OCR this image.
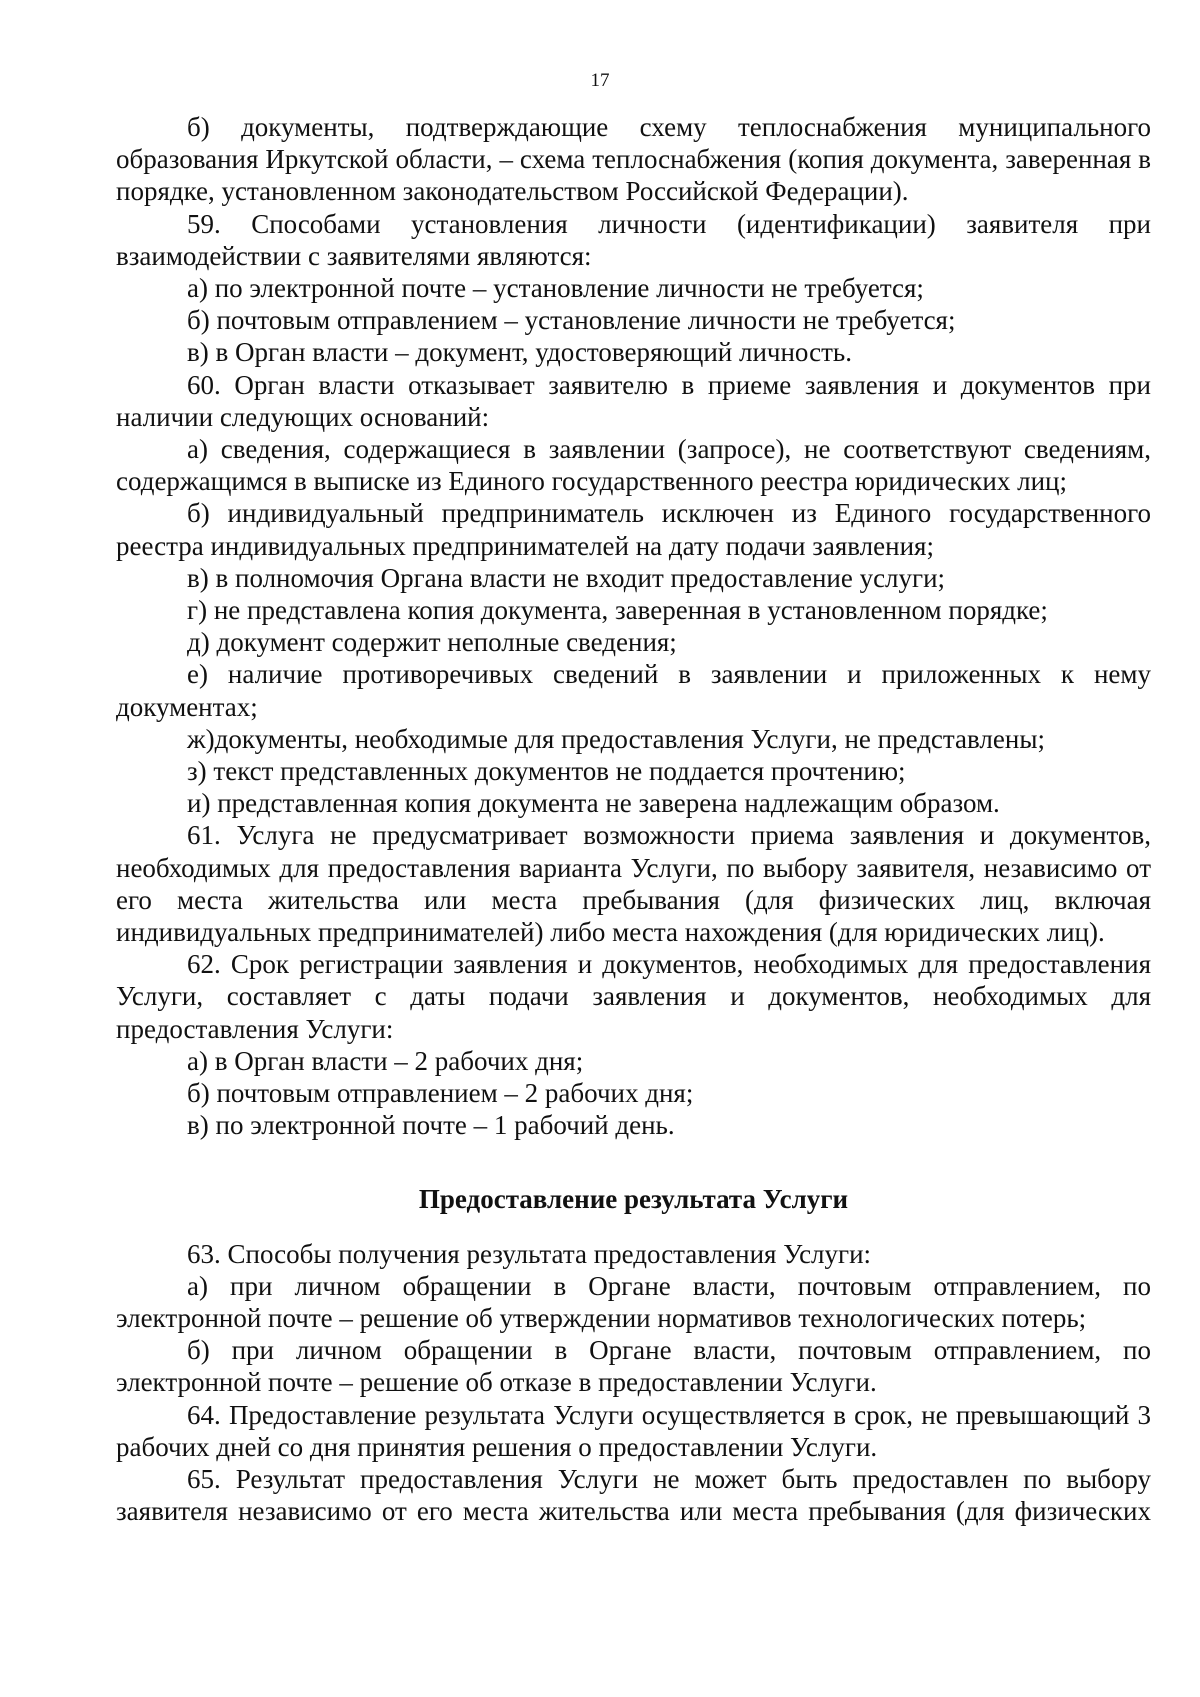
17

б) документы, подтверждающие схему теплоснабжения муниципального образования Иркутской области, – схема теплоснабжения (копия документа, заверенная в порядке, установленном законодательством Российской Федерации).

59. Способами установления личности (идентификации) заявителя при взаимодействии с заявителями являются:

а) по электронной почте – установление личности не требуется;

б) почтовым отправлением – установление личности не требуется;

в) в Орган власти – документ, удостоверяющий личность.

60. Орган власти отказывает заявителю в приеме заявления и документов при наличии следующих оснований:

а) сведения, содержащиеся в заявлении (запросе), не соответствуют сведениям, содержащимся в выписке из Единого государственного реестра юридических лиц;

б) индивидуальный предприниматель исключен из Единого государственного реестра индивидуальных предпринимателей на дату подачи заявления;

в) в полномочия Органа власти не входит предоставление услуги;

г) не представлена копия документа, заверенная в установленном порядке;

д) документ содержит неполные сведения;

е) наличие противоречивых сведений в заявлении и приложенных к нему документах;

ж)документы, необходимые для предоставления Услуги, не представлены;

з) текст представленных документов не поддается прочтению;

и) представленная копия документа не заверена надлежащим образом.

61. Услуга не предусматривает возможности приема заявления и документов, необходимых для предоставления варианта Услуги, по выбору заявителя, независимо от его места жительства или места пребывания (для физических лиц, включая индивидуальных предпринимателей) либо места нахождения (для юридических лиц).

62. Срок регистрации заявления и документов, необходимых для предоставления Услуги, составляет с даты подачи заявления и документов, необходимых для предоставления Услуги:

а) в Орган власти – 2 рабочих дня;

б) почтовым отправлением – 2 рабочих дня;

в) по электронной почте – 1 рабочий день.

Предоставление результата Услуги

63. Способы получения результата предоставления Услуги:

а) при личном обращении в Органе власти, почтовым отправлением, по электронной почте – решение об утверждении нормативов технологических потерь;

б) при личном обращении в Органе власти, почтовым отправлением, по электронной почте – решение об отказе в предоставлении Услуги.

64. Предоставление результата Услуги осуществляется в срок, не превышающий 3 рабочих дней со дня принятия решения о предоставлении Услуги.

65. Результат предоставления Услуги не может быть предоставлен по выбору заявителя независимо от его места жительства или места пребывания (для физических
